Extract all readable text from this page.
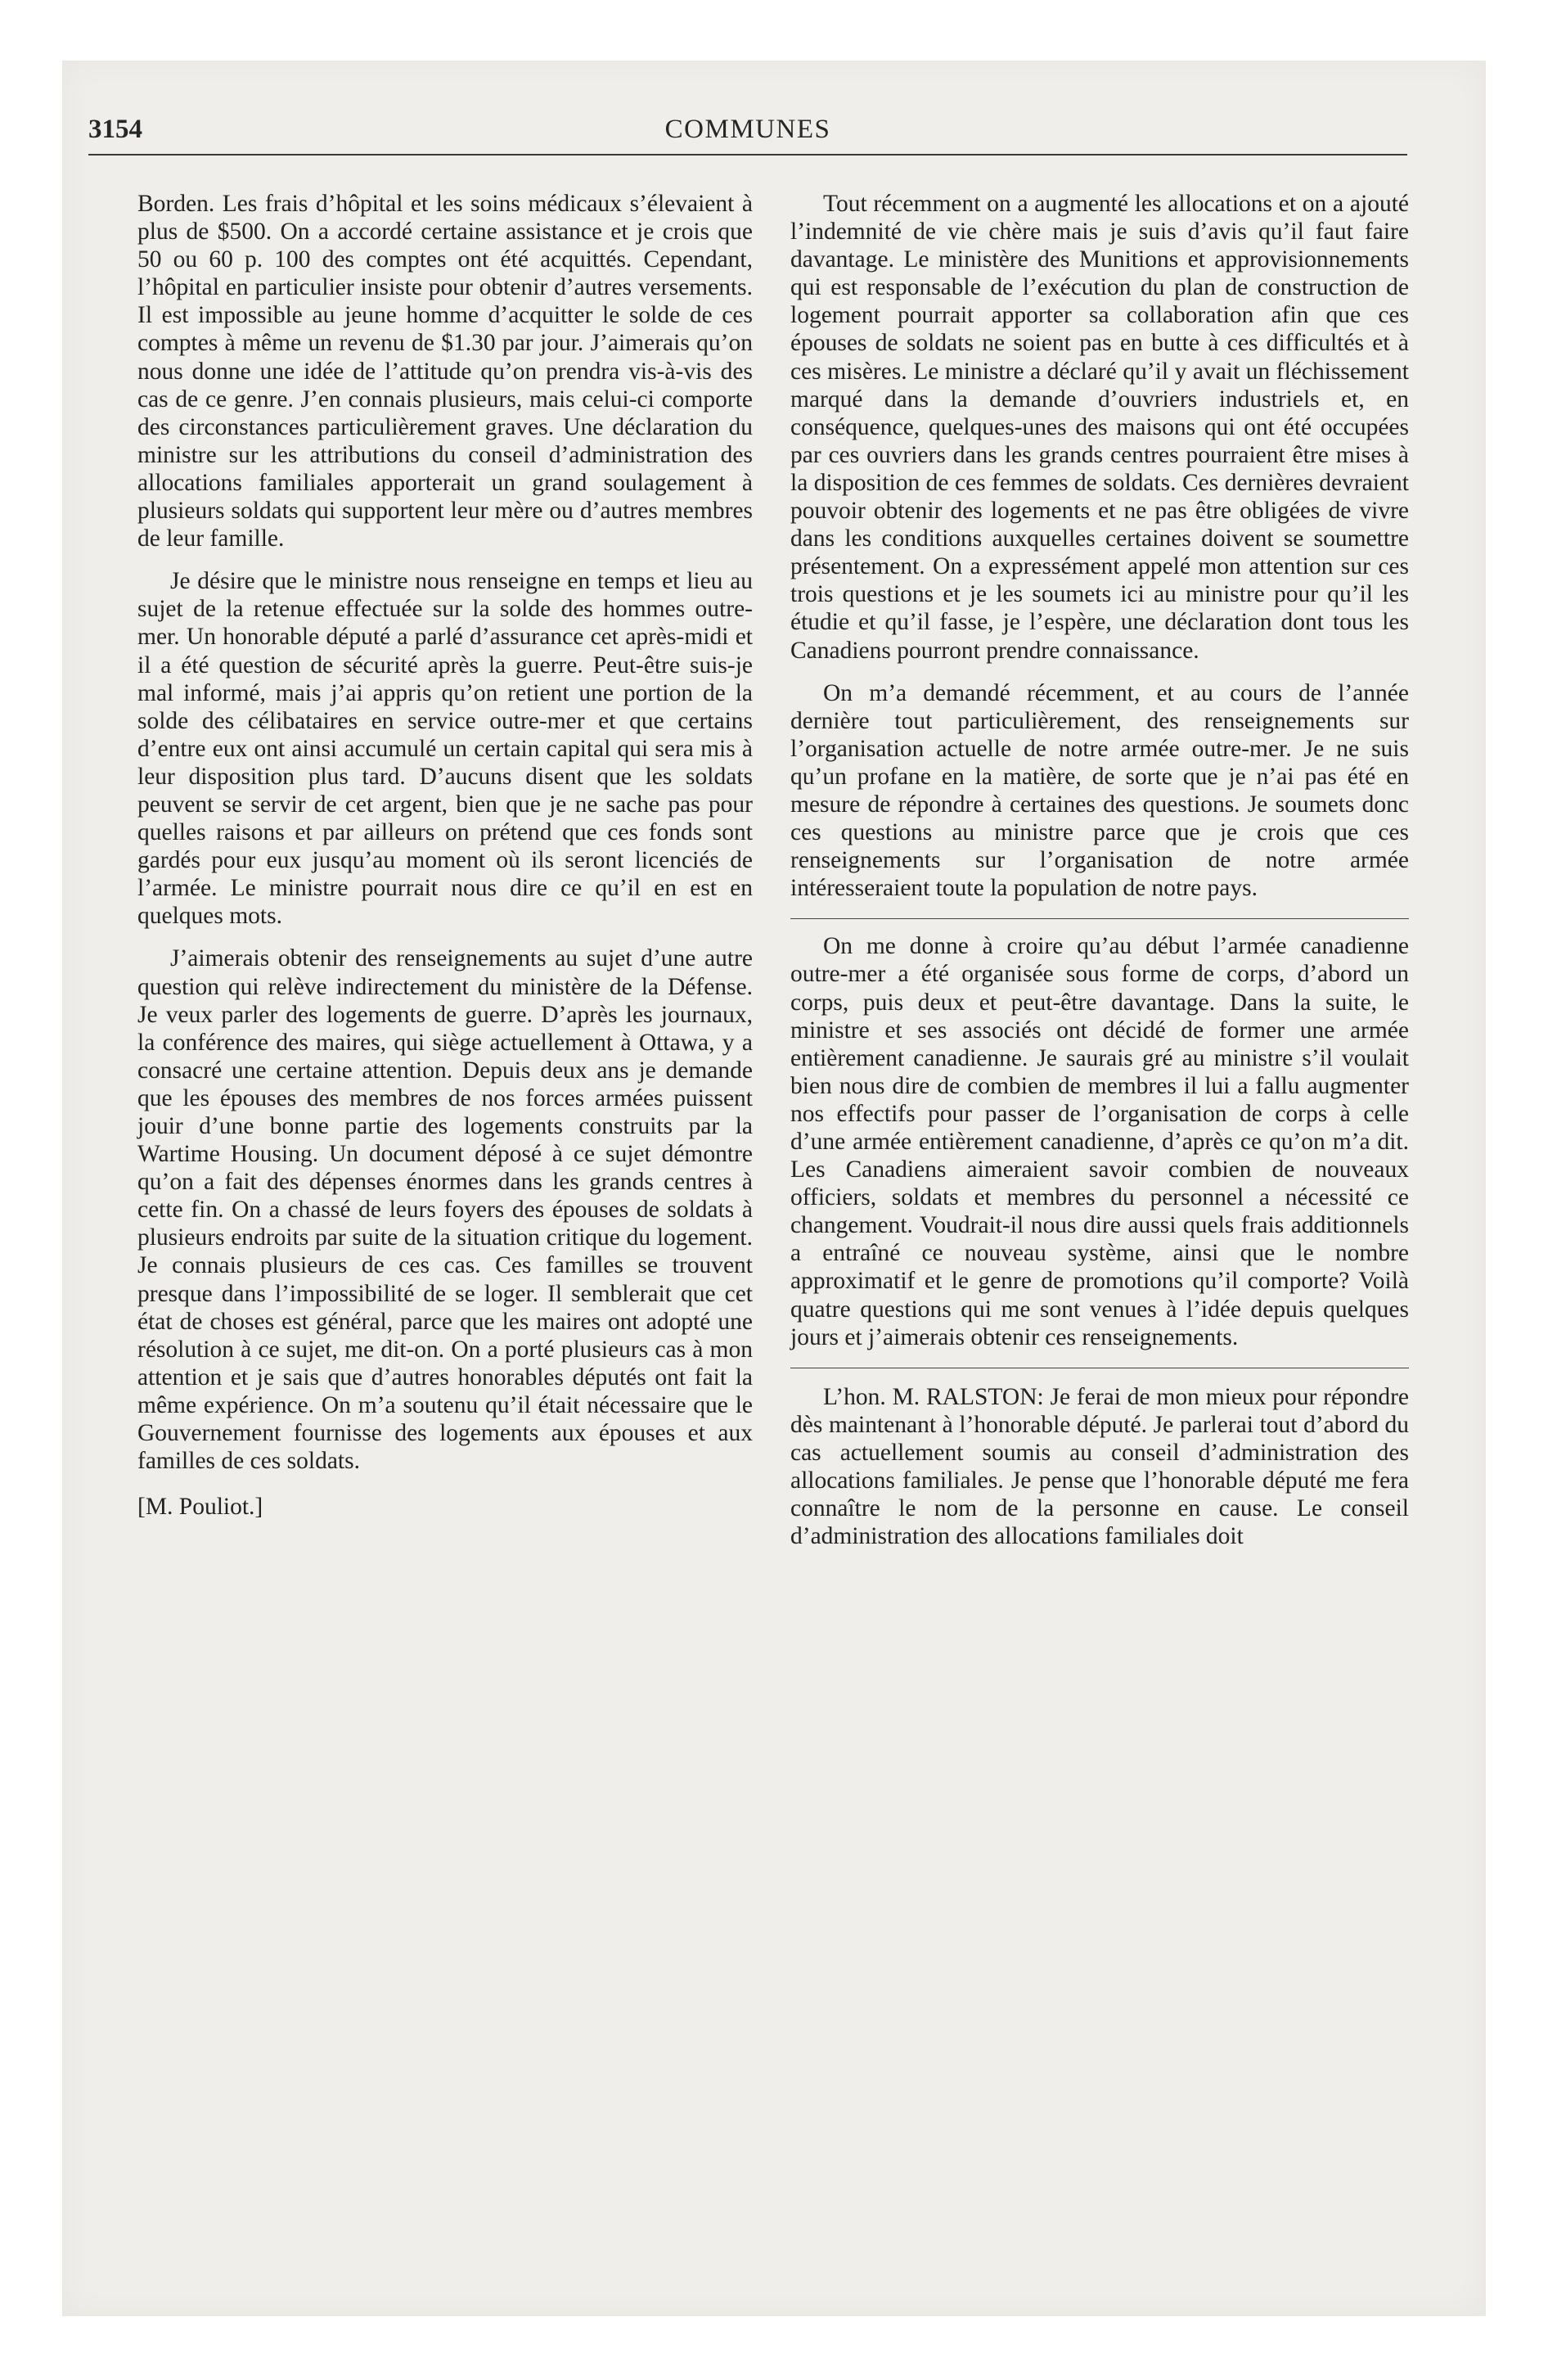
3154	COMMUNES

Borden. Les frais d’hôpital et les soins médicaux s’élevaient à plus de $500. On a accordé certaine assistance et je crois que 50 ou 60 p. 100 des comptes ont été acquittés. Cependant, l’hôpital en particulier insiste pour obtenir d’autres versements. Il est impossible au jeune homme d’acquitter le solde de ces comptes à même un revenu de $1.30 par jour. J’aimerais qu’on nous donne une idée de l’attitude qu’on prendra vis-à-vis des cas de ce genre. J’en connais plusieurs, mais celui-ci comporte des circonstances particulièrement graves. Une déclaration du ministre sur les attributions du conseil d’administration des allocations familiales apporterait un grand soulagement à plusieurs soldats qui supportent leur mère ou d’autres membres de leur famille.

Je désire que le ministre nous renseigne en temps et lieu au sujet de la retenue effectuée sur la solde des hommes outre-mer. Un honorable député a parlé d’assurance cet après-midi et il a été question de sécurité après la guerre. Peut-être suis-je mal informé, mais j’ai appris qu’on retient une portion de la solde des célibataires en service outre-mer et que certains d’entre eux ont ainsi accumulé un certain capital qui sera mis à leur disposition plus tard. D’aucuns disent que les soldats peuvent se servir de cet argent, bien que je ne sache pas pour quelles raisons et par ailleurs on prétend que ces fonds sont gardés pour eux jusqu’au moment où ils seront licenciés de l’armée. Le ministre pourrait nous dire ce qu’il en est en quelques mots.

J’aimerais obtenir des renseignements au sujet d’une autre question qui relève indirectement du ministère de la Défense. Je veux parler des logements de guerre. D’après les journaux, la conférence des maires, qui siège actuellement à Ottawa, y a consacré une certaine attention. Depuis deux ans je demande que les épouses des membres de nos forces armées puissent jouir d’une bonne partie des logements construits par la Wartime Housing. Un document déposé à ce sujet démontre qu’on a fait des dépenses énormes dans les grands centres à cette fin. On a chassé de leurs foyers des épouses de soldats à plusieurs endroits par suite de la situation critique du logement. Je connais plusieurs de ces cas. Ces familles se trouvent presque dans l’impossibilité de se loger. Il semblerait que cet état de choses est général, parce que les maires ont adopté une résolution à ce sujet, me dit-on. On a porté plusieurs cas à mon attention et je sais que d’autres honorables députés ont fait la même expérience. On m’a soutenu qu’il était nécessaire que le Gouvernement fournisse des logements aux épouses et aux familles de ces soldats.

[M. Pouliot.]

Tout récemment on a augmenté les allocations et on a ajouté l’indemnité de vie chère mais je suis d’avis qu’il faut faire davantage. Le ministère des Munitions et approvisionnements qui est responsable de l’exécution du plan de construction de logement pourrait apporter sa collaboration afin que ces épouses de soldats ne soient pas en butte à ces difficultés et à ces misères. Le ministre a déclaré qu’il y avait un fléchissement marqué dans la demande d’ouvriers industriels et, en conséquence, quelques-unes des maisons qui ont été occupées par ces ouvriers dans les grands centres pourraient être mises à la disposition de ces femmes de soldats. Ces dernières devraient pouvoir obtenir des logements et ne pas être obligées de vivre dans les conditions auxquelles certaines doivent se soumettre présentement. On a expressément appelé mon attention sur ces trois questions et je les soumets ici au ministre pour qu’il les étudie et qu’il fasse, je l’espère, une déclaration dont tous les Canadiens pourront prendre connaissance.

On m’a demandé récemment, et au cours de l’année dernière tout particulièrement, des renseignements sur l’organisation actuelle de notre armée outre-mer. Je ne suis qu’un profane en la matière, de sorte que je n’ai pas été en mesure de répondre à certaines des questions. Je soumets donc ces questions au ministre parce que je crois que ces renseignements sur l’organisation de notre armée intéresseraient toute la population de notre pays.

On me donne à croire qu’au début l’armée canadienne outre-mer a été organisée sous forme de corps, d’abord un corps, puis deux et peut-être davantage. Dans la suite, le ministre et ses associés ont décidé de former une armée entièrement canadienne. Je saurais gré au ministre s’il voulait bien nous dire de combien de membres il lui a fallu augmenter nos effectifs pour passer de l’organisation de corps à celle d’une armée entièrement canadienne, d’après ce qu’on m’a dit. Les Canadiens aimeraient savoir combien de nouveaux officiers, soldats et membres du personnel a nécessité ce changement. Voudrait-il nous dire aussi quels frais additionnels a entraîné ce nouveau système, ainsi que le nombre approximatif et le genre de promotions qu’il comporte? Voilà quatre questions qui me sont venues à l’idée depuis quelques jours et j’aimerais obtenir ces renseignements.

L’hon. M. RALSTON: Je ferai de mon mieux pour répondre dès maintenant à l’honorable député. Je parlerai tout d’abord du cas actuellement soumis au conseil d’administration des allocations familiales. Je pense que l’honorable député me fera connaître le nom de la personne en cause. Le conseil d’administration des allocations familiales doit
